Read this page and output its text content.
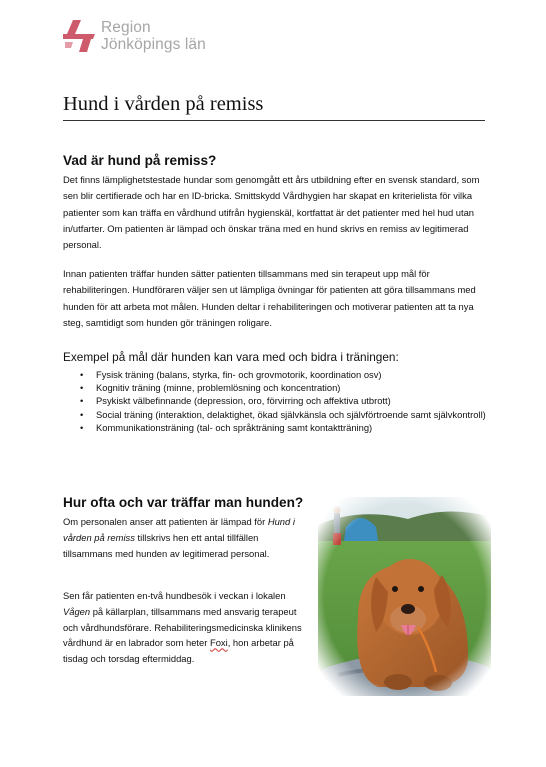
Region
Jönköpings län
Hund i vården på remiss
Vad är hund på remiss?

Det finns lämplighetstestade hundar som genomgått ett års utbildning efter en svensk standard, som sen blir certifierade och har en ID-bricka. Smittskydd Vårdhygien har skapat en kriterielista för vilka patienter som kan träffa en vårdhund utifrån hygienskäl, kortfattat är det patienter med hel hud utan in/utfarter. Om patienten är lämpad och önskar träna med en hund skrivs en remiss av legitimerad personal.

Innan patienten träffar hunden sätter patienten tillsammans med sin terapeut upp mål för rehabiliteringen. Hundföraren väljer sen ut lämpliga övningar för patienten att göra tillsammans med hunden för att arbeta mot målen. Hunden deltar i rehabiliteringen och motiverar patienten att ta nya steg, samtidigt som hunden gör träningen roligare.

Exempel på mål där hunden kan vara med och bidra i träningen:
• Fysisk träning (balans, styrka, fin- och grovmotorik, koordination osv)
• Kognitiv träning (minne, problemlösning och koncentration)
• Psykiskt välbefinnande (depression, oro, förvirring och affektiva utbrott)
• Social träning (interaktion, delaktighet, ökad självkänsla och självförtroende samt självkontroll)
• Kommunikationsträning (tal- och språkträning samt kontaktträning)
Hur ofta och var träffar man hunden?

Om personalen anser att patienten är lämpad för Hund i vården på remiss tillskrivs hen ett antal tillfällen tillsammans med hunden av legitimerad personal.

Sen får patienten en-två hundbesök i veckan i lokalen Vågen på källarplan, tillsammans med ansvarig terapeut och vårdhundsförare. Rehabiliteringsmedicinska klinikens vårdhund är en labrador som heter Foxi, hon arbetar på tisdag och torsdag eftermiddag.
